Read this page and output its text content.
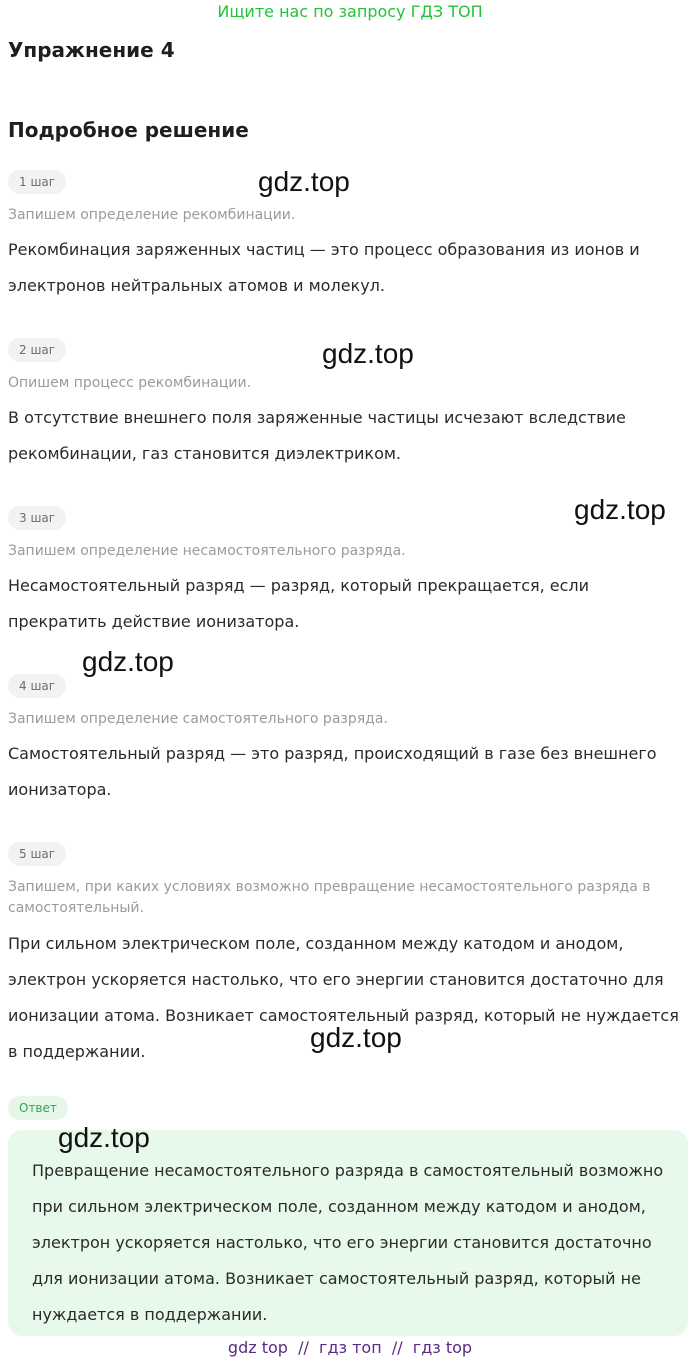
Ищите нас по запросу ГДЗ ТОП
Упражнение 4
Подробное решение
1 шаг
Запишем определение рекомбинации.
Рекомбинация заряженных частиц — это процесс образования из ионов и электронов нейтральных атомов и молекул.
2 шаг
Опишем процесс рекомбинации.
В отсутствие внешнего поля заряженные частицы исчезают вследствие рекомбинации, газ становится диэлектриком.
3 шаг
Запишем определение несамостоятельного разряда.
Несамостоятельный разряд — разряд, который прекращается, если прекратить действие ионизатора.
4 шаг
Запишем определение самостоятельного разряда.
Самостоятельный разряд — это разряд, происходящий в газе без внешнего ионизатора.
5 шаг
Запишем, при каких условиях возможно превращение несамостоятельного разряда в самостоятельный.
При сильном электрическом поле, созданном между катодом и анодом, электрон ускоряется настолько, что его энергии становится достаточно для ионизации атома. Возникает самостоятельный разряд, который не нуждается в поддержании.
Ответ
Превращение несамостоятельного разряда в самостоятельный возможно при сильном электрическом поле, созданном между катодом и анодом, электрон ускоряется настолько, что его энергии становится достаточно для ионизации атома. Возникает самостоятельный разряд, который не нуждается в поддержании.
gdz.top
gdz.top
gdz.top
gdz.top
gdz.top
gdz.top
gdz top  //  гдз топ  //  гдз top
